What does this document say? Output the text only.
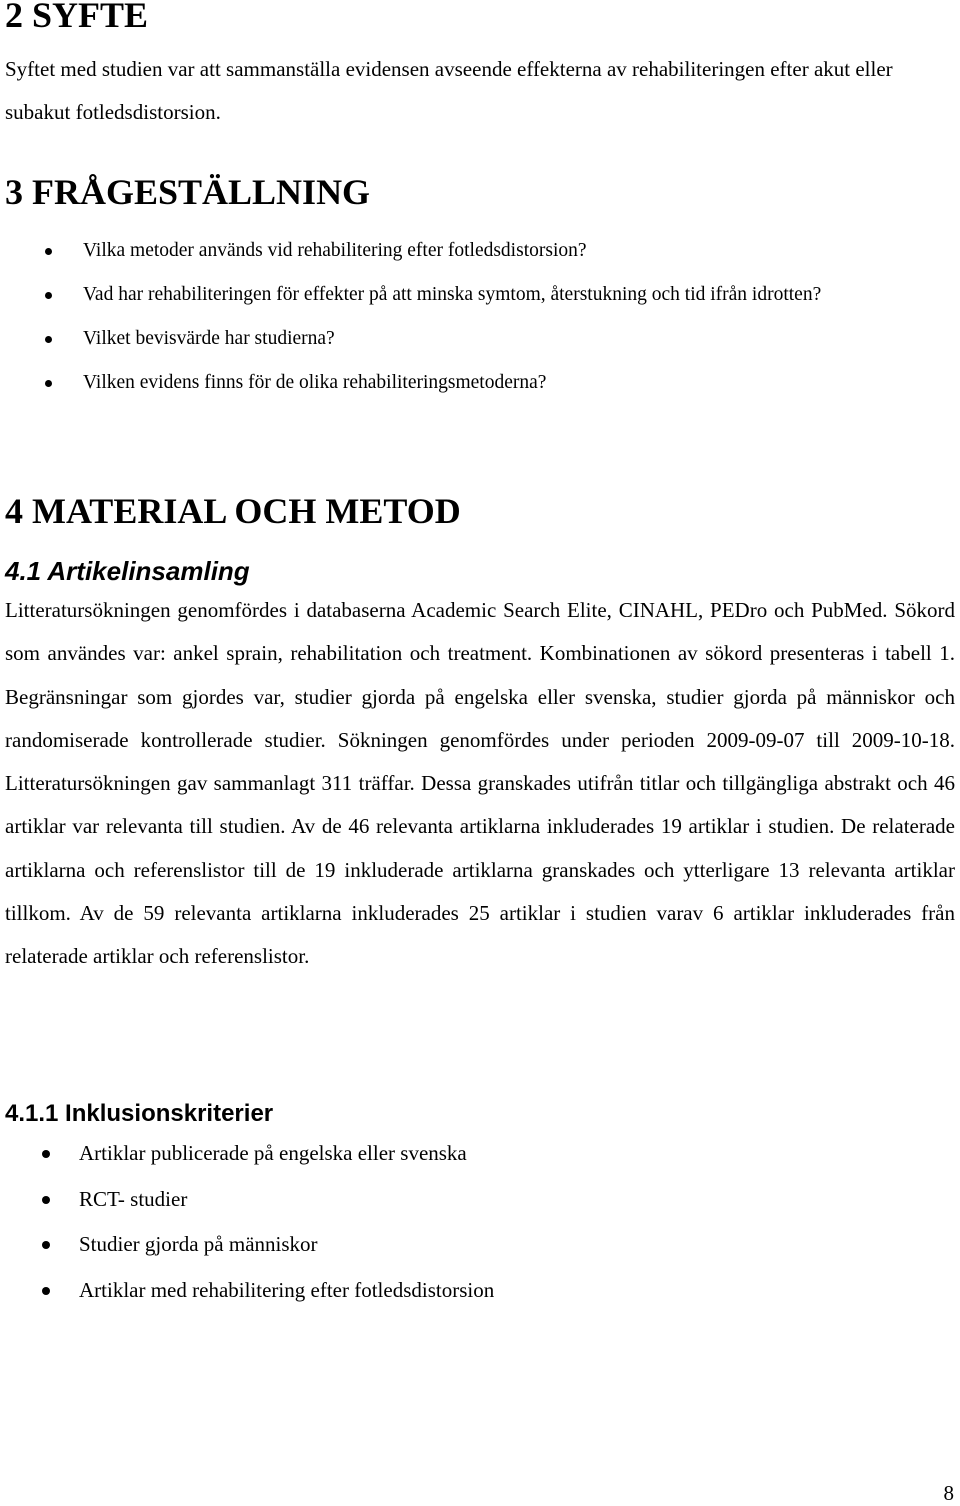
2 SYFTE

Syftet med studien var att sammanställa evidensen avseende effekterna av rehabiliteringen efter akut eller subakut fotledsdistorsion.

3 FRÅGESTÄLLNING
Vilka metoder används vid rehabilitering efter fotledsdistorsion?
Vad har rehabiliteringen för effekter på att minska symtom, återstukning och tid ifrån idrotten?
Vilket bevisvärde har studierna?
Vilken evidens finns för de olika rehabiliteringsmetoderna?
4 MATERIAL OCH METOD
4.1 Artikelinsamling

Litteratursökningen genomfördes i databaserna Academic Search Elite, CINAHL, PEDro och PubMed. Sökord som användes var: ankel sprain, rehabilitation och treatment. Kombinationen av sökord presenteras i tabell 1. Begränsningar som gjordes var, studier gjorda på engelska eller svenska, studier gjorda på människor och randomiserade kontrollerade studier. Sökningen genomfördes under perioden 2009-09-07 till 2009-10-18. Litteratursökningen gav sammanlagt 311 träffar. Dessa granskades utifrån titlar och tillgängliga abstrakt och 46 artiklar var relevanta till studien. Av de 46 relevanta artiklarna inkluderades 19 artiklar i studien. De relaterade artiklarna och referenslistor till de 19 inkluderade artiklarna granskades och ytterligare 13 relevanta artiklar tillkom. Av de 59 relevanta artiklarna inkluderades 25 artiklar i studien varav 6 artiklar inkluderades från relaterade artiklar och referenslistor.

4.1.1 Inklusionskriterier
Artiklar publicerade på engelska eller svenska
RCT- studier
Studier gjorda på människor
Artiklar med rehabilitering efter fotledsdistorsion
8
